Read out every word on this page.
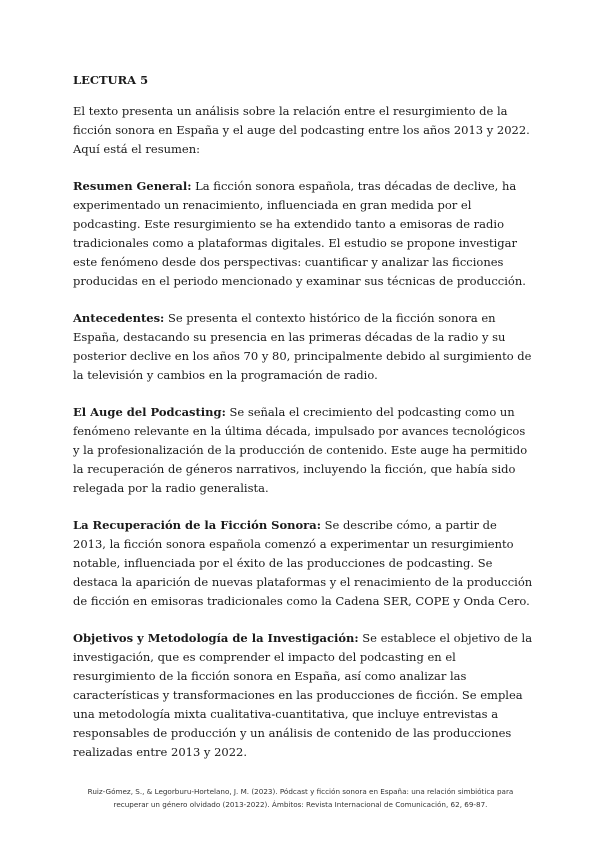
LECTURA 5

El texto presenta un análisis sobre la relación entre el resurgimiento de la ficción sonora en España y el auge del podcasting entre los años 2013 y 2022. Aquí está el resumen:

Resumen General: La ficción sonora española, tras décadas de declive, ha experimentado un renacimiento, influenciada en gran medida por el podcasting. Este resurgimiento se ha extendido tanto a emisoras de radio tradicionales como a plataformas digitales. El estudio se propone investigar este fenómeno desde dos perspectivas: cuantificar y analizar las ficciones producidas en el periodo mencionado y examinar sus técnicas de producción.

Antecedentes: Se presenta el contexto histórico de la ficción sonora en España, destacando su presencia en las primeras décadas de la radio y su posterior declive en los años 70 y 80, principalmente debido al surgimiento de la televisión y cambios en la programación de radio.

El Auge del Podcasting: Se señala el crecimiento del podcasting como un fenómeno relevante en la última década, impulsado por avances tecnológicos y la profesionalización de la producción de contenido. Este auge ha permitido la recuperación de géneros narrativos, incluyendo la ficción, que había sido relegada por la radio generalista.

La Recuperación de la Ficción Sonora: Se describe cómo, a partir de 2013, la ficción sonora española comenzó a experimentar un resurgimiento notable, influenciada por el éxito de las producciones de podcasting. Se destaca la aparición de nuevas plataformas y el renacimiento de la producción de ficción en emisoras tradicionales como la Cadena SER, COPE y Onda Cero.

Objetivos y Metodología de la Investigación: Se establece el objetivo de la investigación, que es comprender el impacto del podcasting en el resurgimiento de la ficción sonora en España, así como analizar las características y transformaciones en las producciones de ficción. Se emplea una metodología mixta cualitativa-cuantitativa, que incluye entrevistas a responsables de producción y un análisis de contenido de las producciones realizadas entre 2013 y 2022.

Ruiz-Gómez, S., & Legorburu-Hortelano, J. M. (2023). Pódcast y ficción sonora en España: una relación simbiótica para
recuperar un género olvidado (2013-2022). Ámbitos: Revista Internacional de Comunicación, 62, 69-87.
